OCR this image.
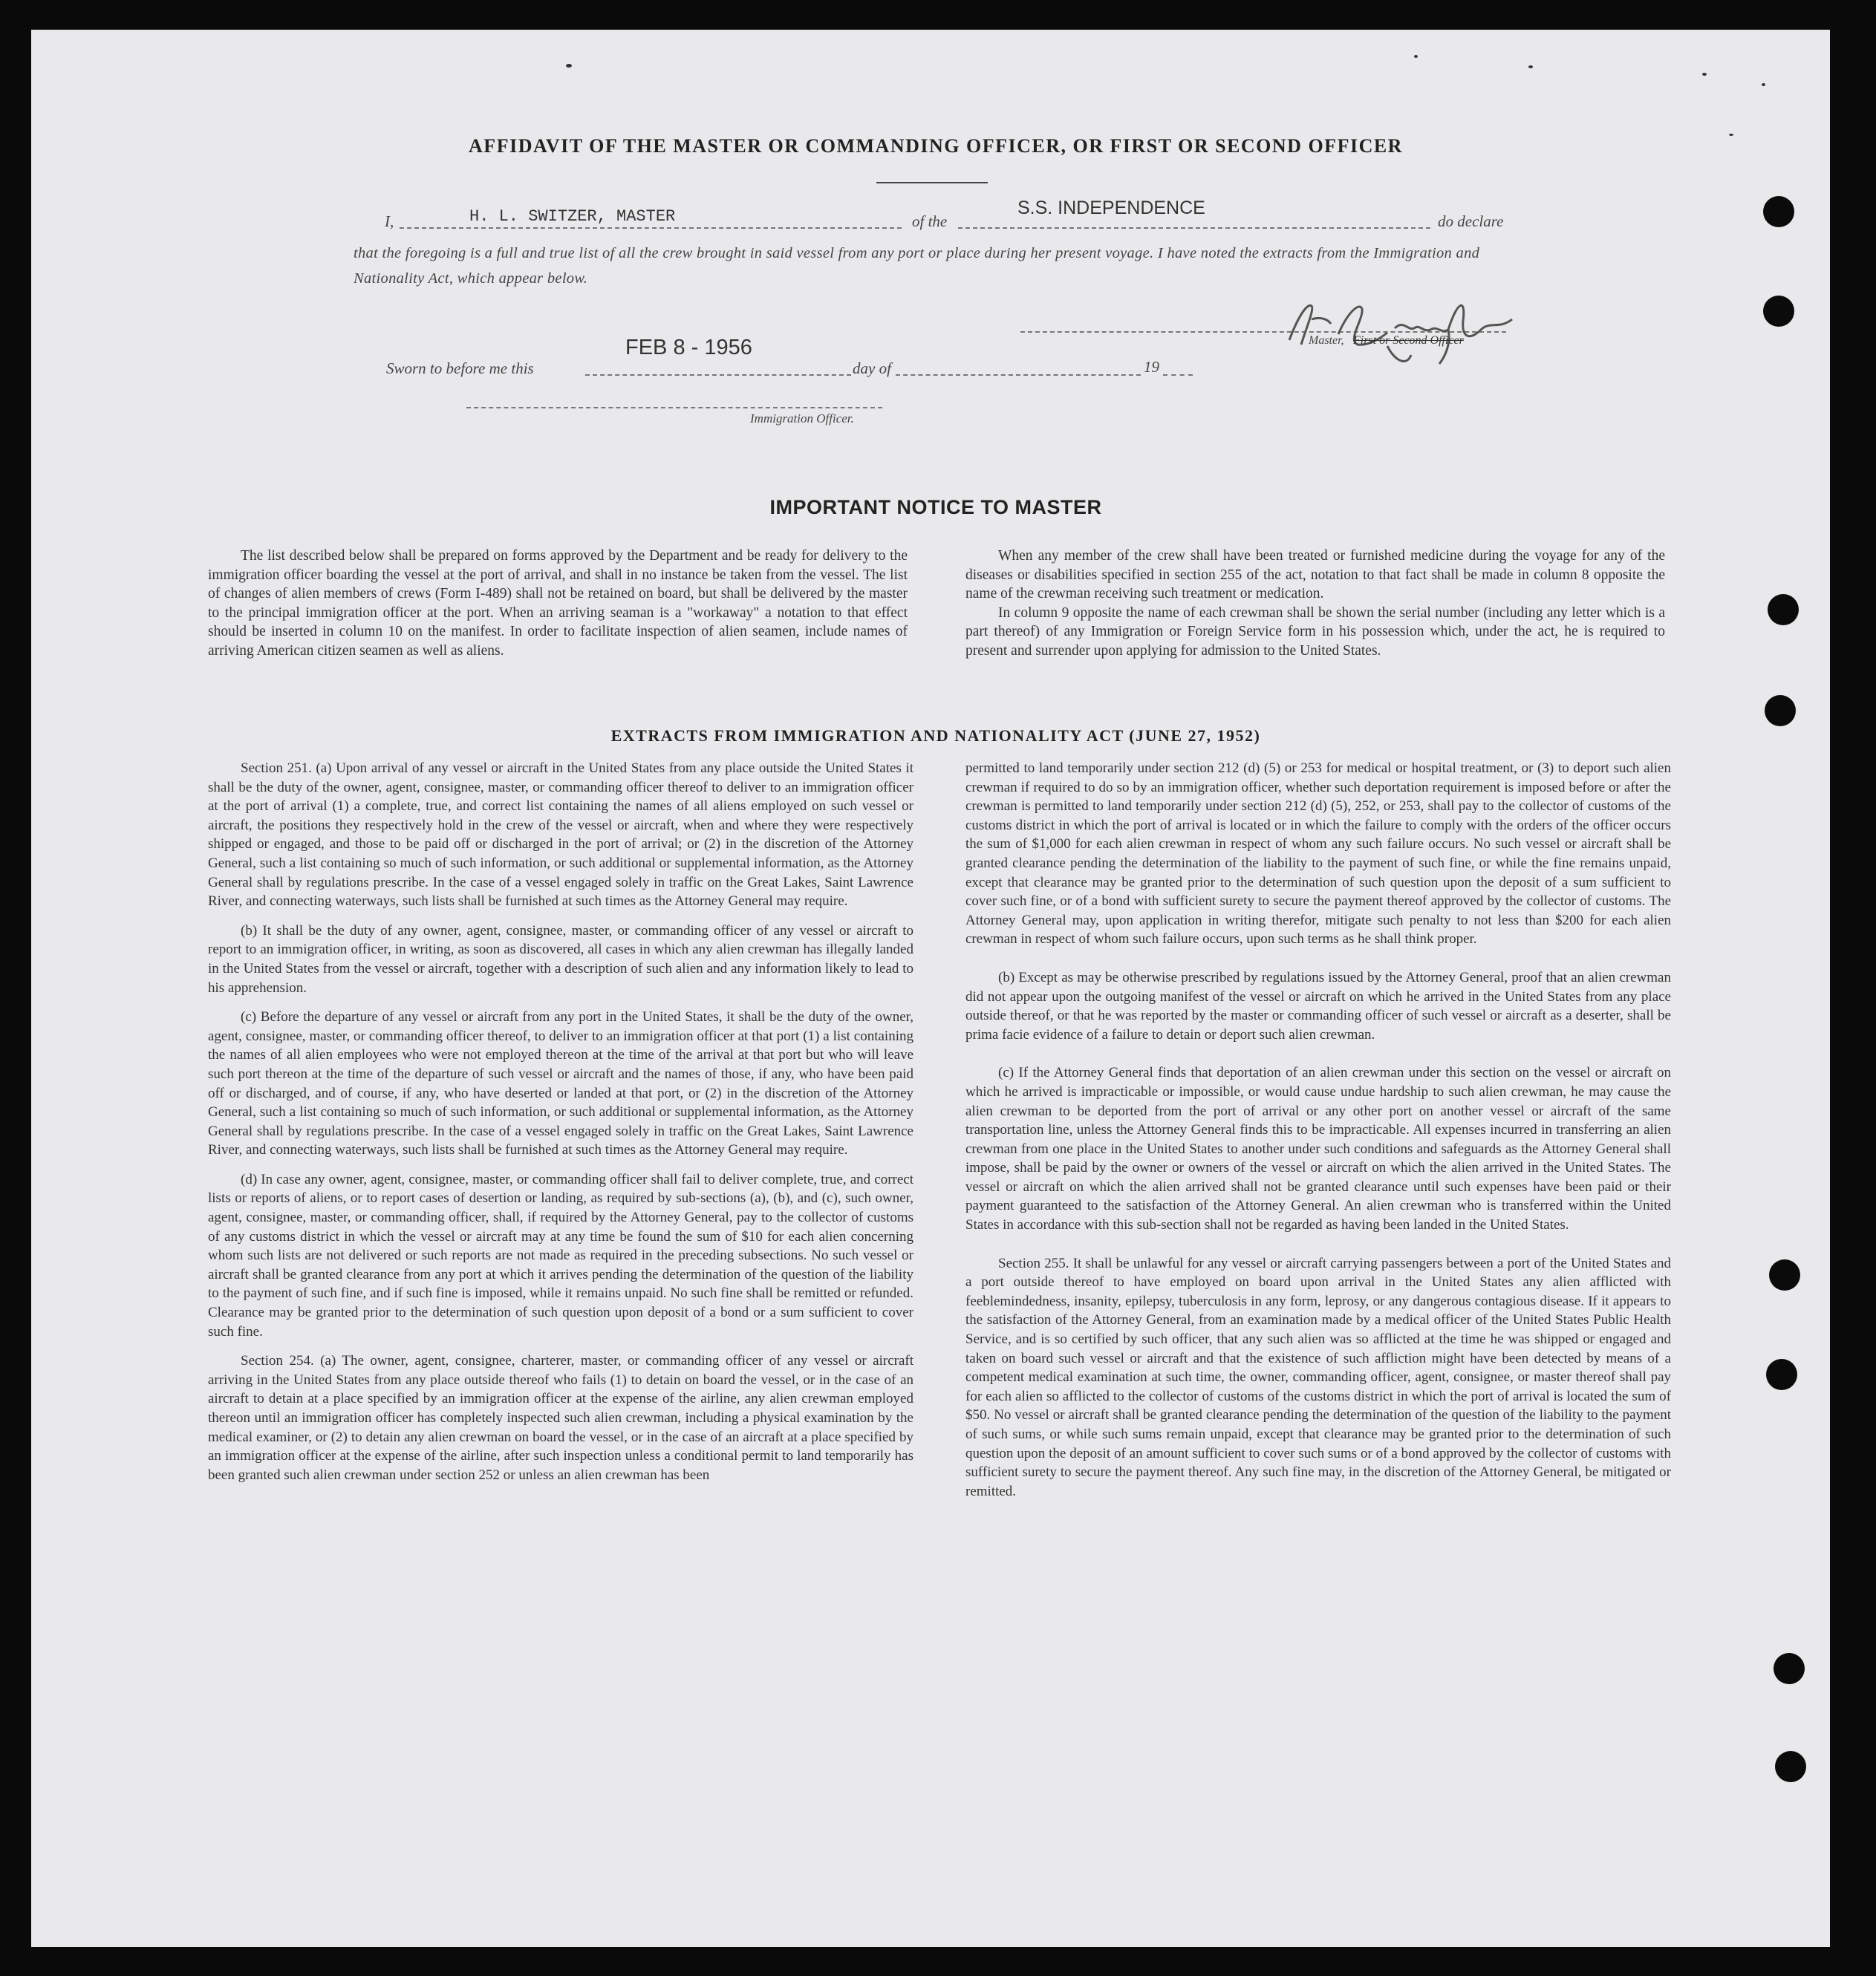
AFFIDAVIT OF THE MASTER OR COMMANDING OFFICER, OR FIRST OR SECOND OFFICER
I,	H. L. SWITZER, MASTER	of the
S.S. INDEPENDENCE
do declare
that the foregoing is a full and true list of all the crew brought in said vessel from any port or place during her present voyage. I have noted the extracts from the Immigration and Nationality Act, which appear below.
Master, First or Second Officer
Sworn to before me this
FEB 8 - 1956
day of	19
Immigration Officer.
IMPORTANT NOTICE TO MASTER

The list described below shall be prepared on forms approved by the Department and be ready for delivery to the immigration officer boarding the vessel at the port of arrival, and shall in no instance be taken from the vessel. The list of changes of alien members of crews (Form I-489) shall not be retained on board, but shall be delivered by the master to the principal immigration officer at the port. When an arriving seaman is a "workaway" a notation to that effect should be inserted in column 10 on the manifest. In order to facilitate inspection of alien seamen, include names of arriving American citizen seamen as well as aliens.

When any member of the crew shall have been treated or furnished medicine during the voyage for any of the diseases or disabilities specified in section 255 of the act, notation to that fact shall be made in column 8 opposite the name of the crewman receiving such treatment or medication.

In column 9 opposite the name of each crewman shall be shown the serial number (including any letter which is a part thereof) of any Immigration or Foreign Service form in his possession which, under the act, he is required to present and surrender upon applying for admission to the United States.

EXTRACTS FROM IMMIGRATION AND NATIONALITY ACT (JUNE 27, 1952)

Section 251. (a) Upon arrival of any vessel or aircraft in the United States from any place outside the United States it shall be the duty of the owner, agent, consignee, master, or commanding officer thereof to deliver to an immigration officer at the port of arrival (1) a complete, true, and correct list containing the names of all aliens employed on such vessel or aircraft, the positions they respectively hold in the crew of the vessel or aircraft, when and where they were respectively shipped or engaged, and those to be paid off or discharged in the port of arrival; or (2) in the discretion of the Attorney General, such a list containing so much of such information, or such additional or supplemental information, as the Attorney General shall by regulations prescribe. In the case of a vessel engaged solely in traffic on the Great Lakes, Saint Lawrence River, and connecting waterways, such lists shall be furnished at such times as the Attorney General may require.

(b) It shall be the duty of any owner, agent, consignee, master, or commanding officer of any vessel or aircraft to report to an immigration officer, in writing, as soon as discovered, all cases in which any alien crewman has illegally landed in the United States from the vessel or aircraft, together with a description of such alien and any information likely to lead to his apprehension.

(c) Before the departure of any vessel or aircraft from any port in the United States, it shall be the duty of the owner, agent, consignee, master, or commanding officer thereof, to deliver to an immigration officer at that port (1) a list containing the names of all alien employees who were not employed thereon at the time of the arrival at that port but who will leave such port thereon at the time of the departure of such vessel or aircraft and the names of those, if any, who have been paid off or discharged, and of course, if any, who have deserted or landed at that port, or (2) in the discretion of the Attorney General, such a list containing so much of such information, or such additional or supplemental information, as the Attorney General shall by regulations prescribe. In the case of a vessel engaged solely in traffic on the Great Lakes, Saint Lawrence River, and connecting waterways, such lists shall be furnished at such times as the Attorney General may require.

(d) In case any owner, agent, consignee, master, or commanding officer shall fail to deliver complete, true, and correct lists or reports of aliens, or to report cases of desertion or landing, as required by sub-sections (a), (b), and (c), such owner, agent, consignee, master, or commanding officer, shall, if required by the Attorney General, pay to the collector of customs of any customs district in which the vessel or aircraft may at any time be found the sum of $10 for each alien concerning whom such lists are not delivered or such reports are not made as required in the preceding subsections. No such vessel or aircraft shall be granted clearance from any port at which it arrives pending the determination of the question of the liability to the payment of such fine, and if such fine is imposed, while it remains unpaid. No such fine shall be remitted or refunded. Clearance may be granted prior to the determination of such question upon deposit of a bond or a sum sufficient to cover such fine.

Section 254. (a) The owner, agent, consignee, charterer, master, or commanding officer of any vessel or aircraft arriving in the United States from any place outside thereof who fails (1) to detain on board the vessel, or in the case of an aircraft to detain at a place specified by an immigration officer at the expense of the airline, any alien crewman employed thereon until an immigration officer has completely inspected such alien crewman, including a physical examination by the medical examiner, or (2) to detain any alien crewman on board the vessel, or in the case of an aircraft at a place specified by an immigration officer at the expense of the airline, after such inspection unless a conditional permit to land temporarily has been granted such alien crewman under section 252 or unless an alien crewman has been

permitted to land temporarily under section 212 (d) (5) or 253 for medical or hospital treatment, or (3) to deport such alien crewman if required to do so by an immigration officer, whether such deportation requirement is imposed before or after the crewman is permitted to land temporarily under section 212 (d) (5), 252, or 253, shall pay to the collector of customs of the customs district in which the port of arrival is located or in which the failure to comply with the orders of the officer occurs the sum of $1,000 for each alien crewman in respect of whom any such failure occurs. No such vessel or aircraft shall be granted clearance pending the determination of the liability to the payment of such fine, or while the fine remains unpaid, except that clearance may be granted prior to the determination of such question upon the deposit of a sum sufficient to cover such fine, or of a bond with sufficient surety to secure the payment thereof approved by the collector of customs. The Attorney General may, upon application in writing therefor, mitigate such penalty to not less than $200 for each alien crewman in respect of whom such failure occurs, upon such terms as he shall think proper.

(b) Except as may be otherwise prescribed by regulations issued by the Attorney General, proof that an alien crewman did not appear upon the outgoing manifest of the vessel or aircraft on which he arrived in the United States from any place outside thereof, or that he was reported by the master or commanding officer of such vessel or aircraft as a deserter, shall be prima facie evidence of a failure to detain or deport such alien crewman.

(c) If the Attorney General finds that deportation of an alien crewman under this section on the vessel or aircraft on which he arrived is impracticable or impossible, or would cause undue hardship to such alien crewman, he may cause the alien crewman to be deported from the port of arrival or any other port on another vessel or aircraft of the same transportation line, unless the Attorney General finds this to be impracticable. All expenses incurred in transferring an alien crewman from one place in the United States to another under such conditions and safeguards as the Attorney General shall impose, shall be paid by the owner or owners of the vessel or aircraft on which the alien arrived in the United States. The vessel or aircraft on which the alien arrived shall not be granted clearance until such expenses have been paid or their payment guaranteed to the satisfaction of the Attorney General. An alien crewman who is transferred within the United States in accordance with this sub-section shall not be regarded as having been landed in the United States.

Section 255. It shall be unlawful for any vessel or aircraft carrying passengers between a port of the United States and a port outside thereof to have employed on board upon arrival in the United States any alien afflicted with feeblemindedness, insanity, epilepsy, tuberculosis in any form, leprosy, or any dangerous contagious disease. If it appears to the satisfaction of the Attorney General, from an examination made by a medical officer of the United States Public Health Service, and is so certified by such officer, that any such alien was so afflicted at the time he was shipped or engaged and taken on board such vessel or aircraft and that the existence of such affliction might have been detected by means of a competent medical examination at such time, the owner, commanding officer, agent, consignee, or master thereof shall pay for each alien so afflicted to the collector of customs of the customs district in which the port of arrival is located the sum of $50. No vessel or aircraft shall be granted clearance pending the determination of the question of the liability to the payment of such sums, or while such sums remain unpaid, except that clearance may be granted prior to the determination of such question upon the deposit of an amount sufficient to cover such sums or of a bond approved by the collector of customs with sufficient surety to secure the payment thereof. Any such fine may, in the discretion of the Attorney General, be mitigated or remitted.
